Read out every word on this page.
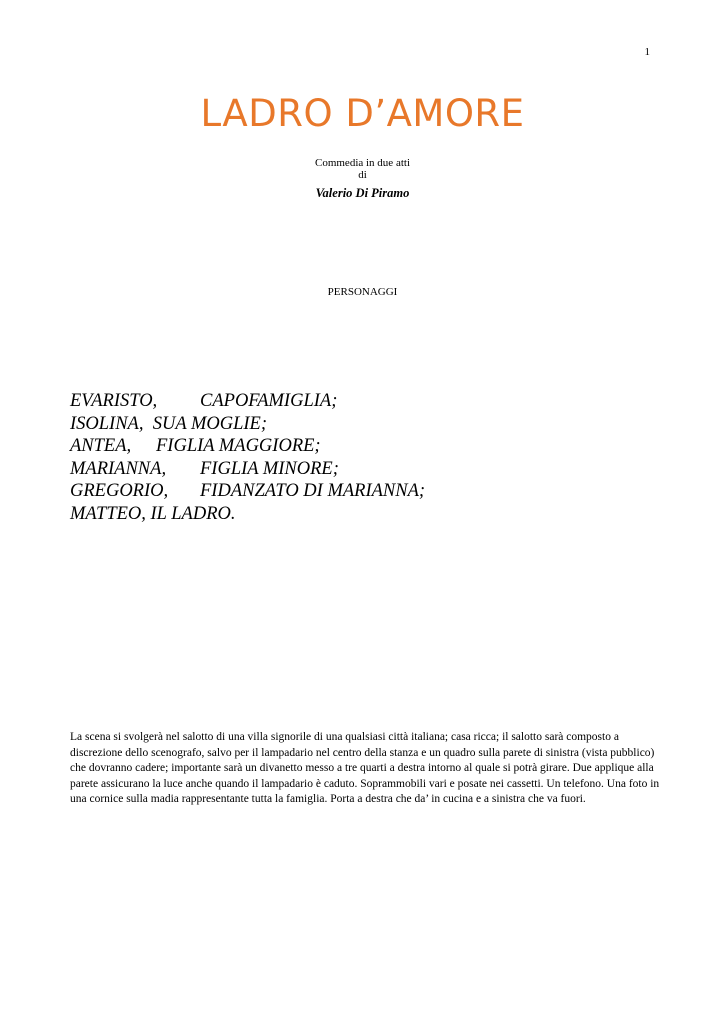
1
LADRO D’AMORE
Commedia in due atti
di
Valerio Di Piramo
PERSONAGGI
EVARISTO, CAPOFAMIGLIA;
ISOLINA, SUA MOGLIE;
ANTEA, FIGLIA MAGGIORE;
MARIANNA, FIGLIA MINORE;
GREGORIO, FIDANZATO DI MARIANNA;
MATTEO, IL LADRO.

La scena si svolgerà nel salotto di una villa signorile di una qualsiasi città italiana; casa ricca; il salotto sarà composto a discrezione dello scenografo, salvo per il lampadario nel centro della stanza e un quadro sulla parete di sinistra (vista pubblico) che dovranno cadere; importante sarà un divanetto messo a tre quarti a destra intorno al quale si potrà girare. Due applique alla parete assicurano la luce anche quando il lampadario è caduto. Soprammobili vari e posate nei cassetti. Un telefono. Una foto in una cornice sulla madia rappresentante tutta la famiglia. Porta a destra che da’ in cucina e a sinistra che va fuori.
